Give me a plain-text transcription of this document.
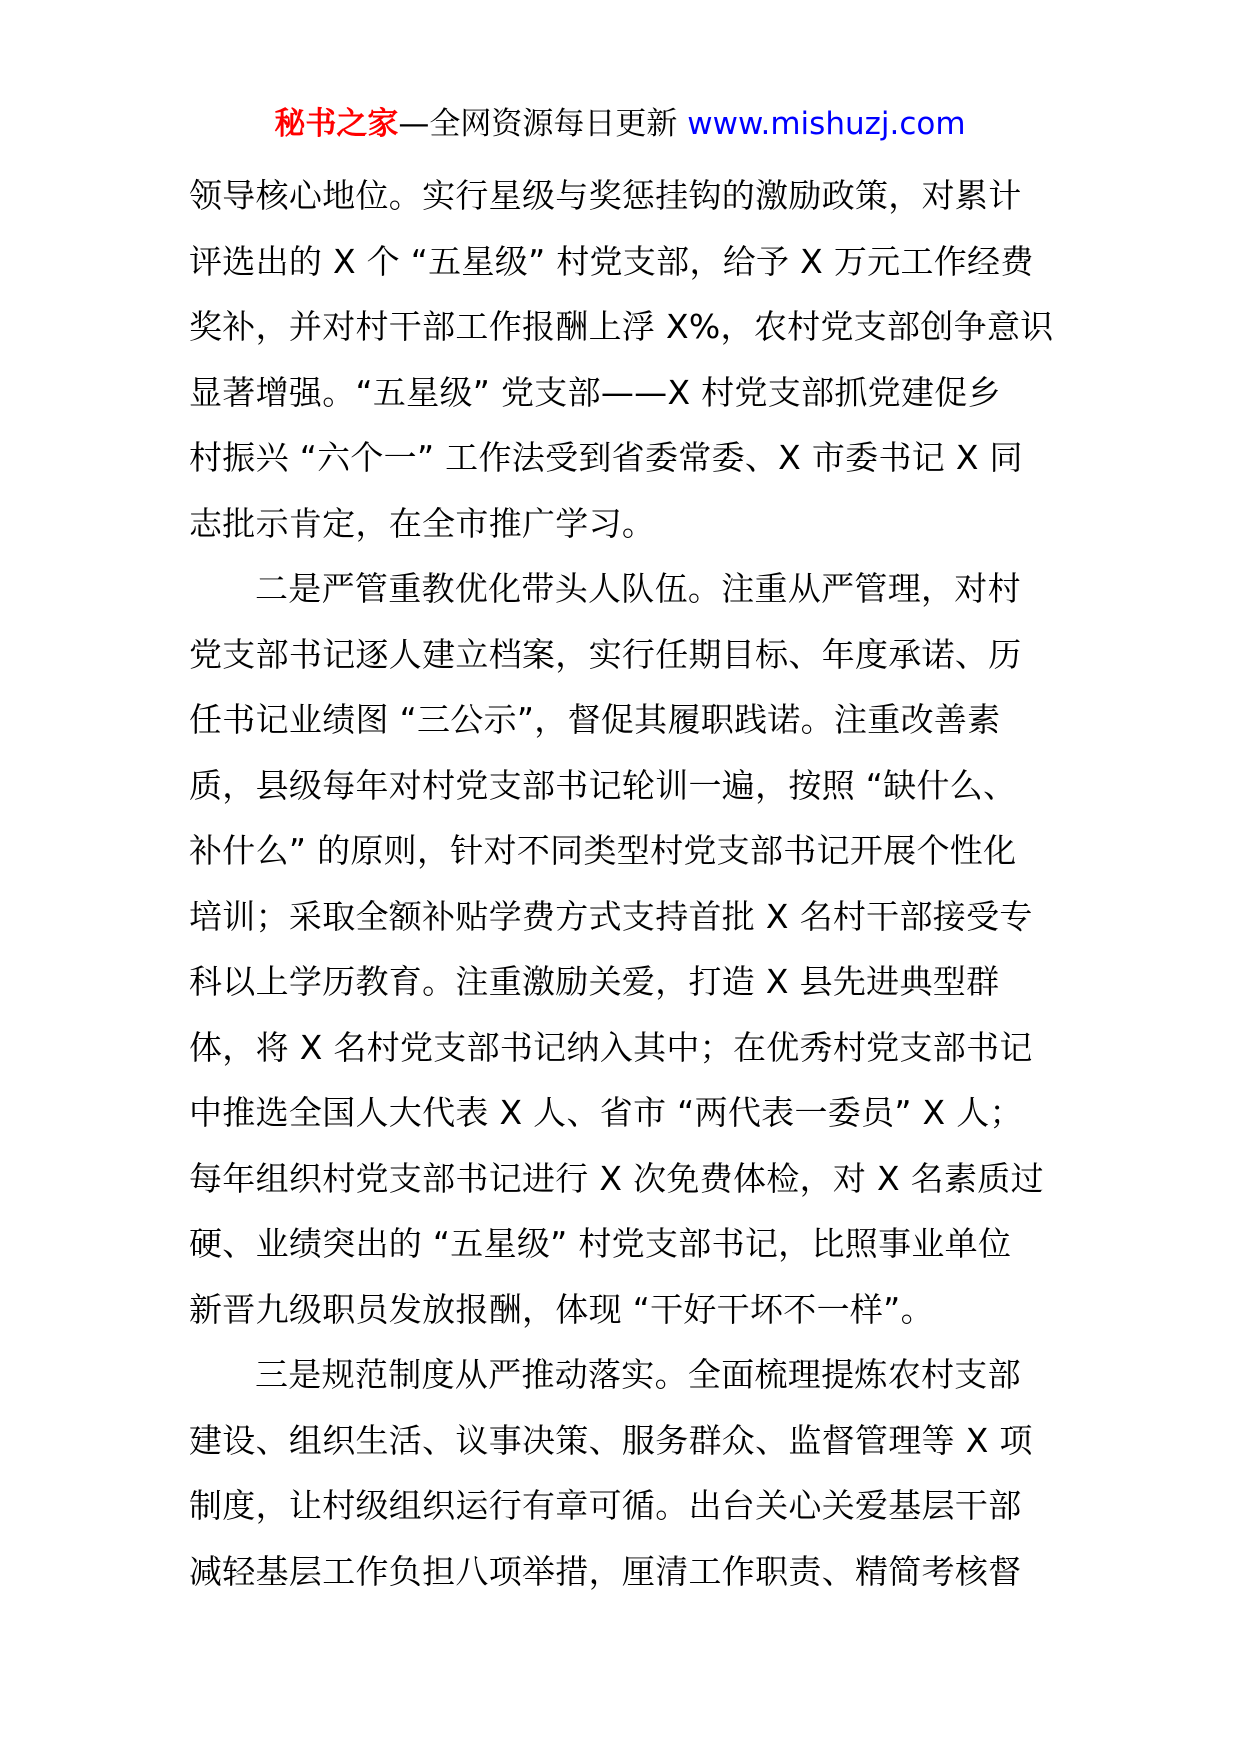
秘书之家—全网资源每日更新 www.mishuzj.com
领导核心地位。实行星级与奖惩挂钩的激励政策，对累计
评选出的 X 个 “五星级” 村党支部，给予 X 万元工作经费
奖补，并对村干部工作报酬上浮 X%，农村党支部创争意识
显著增强。“五星级” 党支部——X 村党支部抓党建促乡
村振兴 “六个一” 工作法受到省委常委、X 市委书记 X 同
志批示肯定，在全市推广学习。
二是严管重教优化带头人队伍。注重从严管理，对村
党支部书记逐人建立档案，实行任期目标、年度承诺、历
任书记业绩图 “三公示”，督促其履职践诺。注重改善素
质，县级每年对村党支部书记轮训一遍，按照 “缺什么、
补什么” 的原则，针对不同类型村党支部书记开展个性化
培训；采取全额补贴学费方式支持首批 X 名村干部接受专
科以上学历教育。注重激励关爱，打造 X 县先进典型群
体，将 X 名村党支部书记纳入其中；在优秀村党支部书记
中推选全国人大代表 X 人、省市 “两代表一委员” X 人；
每年组织村党支部书记进行 X 次免费体检，对 X 名素质过
硬、业绩突出的 “五星级” 村党支部书记，比照事业单位
新晋九级职员发放报酬，体现 “干好干坏不一样”。
三是规范制度从严推动落实。全面梳理提炼农村支部
建设、组织生活、议事决策、服务群众、监督管理等 X 项
制度，让村级组织运行有章可循。出台关心关爱基层干部
减轻基层工作负担八项举措，厘清工作职责、精简考核督
